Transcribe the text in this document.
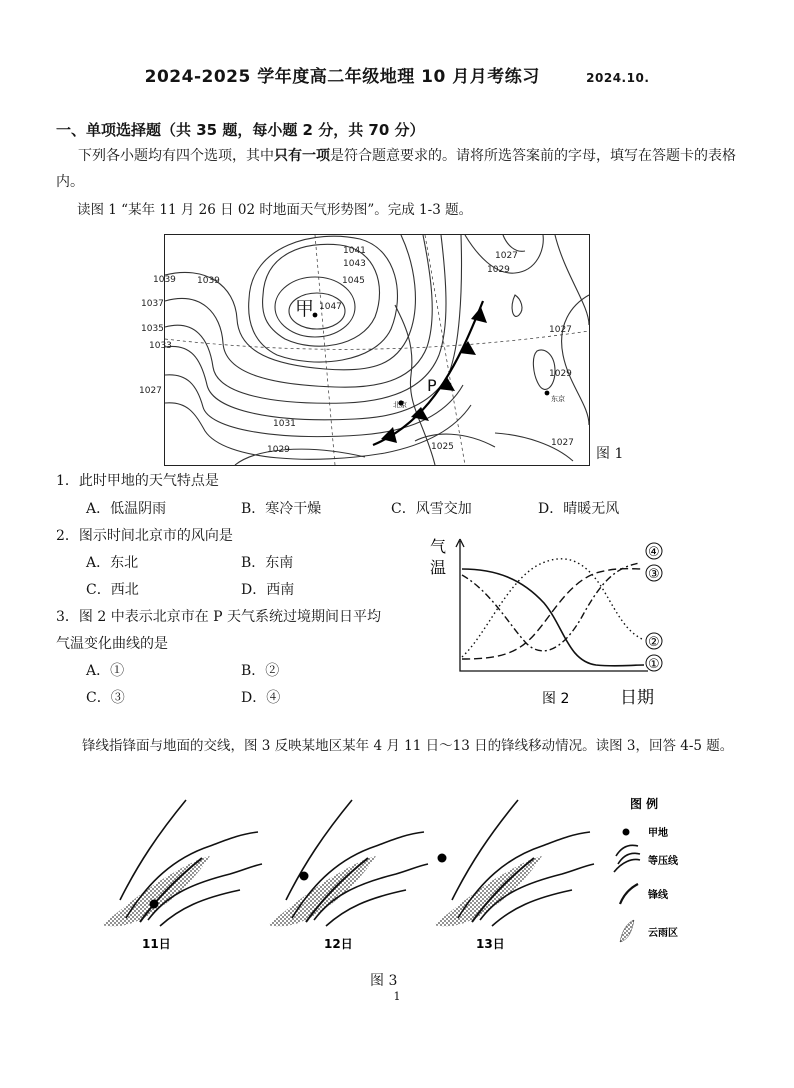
2024-2025 学年度高二年级地理 10 月月考练习	2024.10.
一、单项选择题（共 35 题，每小题 2 分，共 70 分）
下列各小题均有四个选项，其中只有一项是符合题意要求的。请将所选答案前的字母，填写在答题卡的表格内。
读图 1 “某年 11 月 26 日 02 时地面天气形势图”。完成 1-3 题。
1041
1043
1045
1047
1039 1039
1037
1035
1033
1027
1031
1029
1027
1029
1027
1029
1027
1025
甲
P
北京
东京
图 1
1．此时甲地的天气特点是
A．低温阴雨	B．寒冷干燥	C．风雪交加	D．晴暖无风
2．图示时间北京市的风向是
A．东北	B．东南
C．西北	D．西南
3．图 2 中表示北京市在 P 天气系统过境期间日平均
气温变化曲线的是
A．①	B．②
C．③	D．④
气
温
④
③
②
①
图 2	日期
锋线指锋面与地面的交线，图 3 反映某地区某年 4 月 11 日～13 日的锋线移动情况。读图 3，回答 4-5 题。
11日	12日	13日
图 例
甲地
等压线
锋线
云雨区
图 3
1
